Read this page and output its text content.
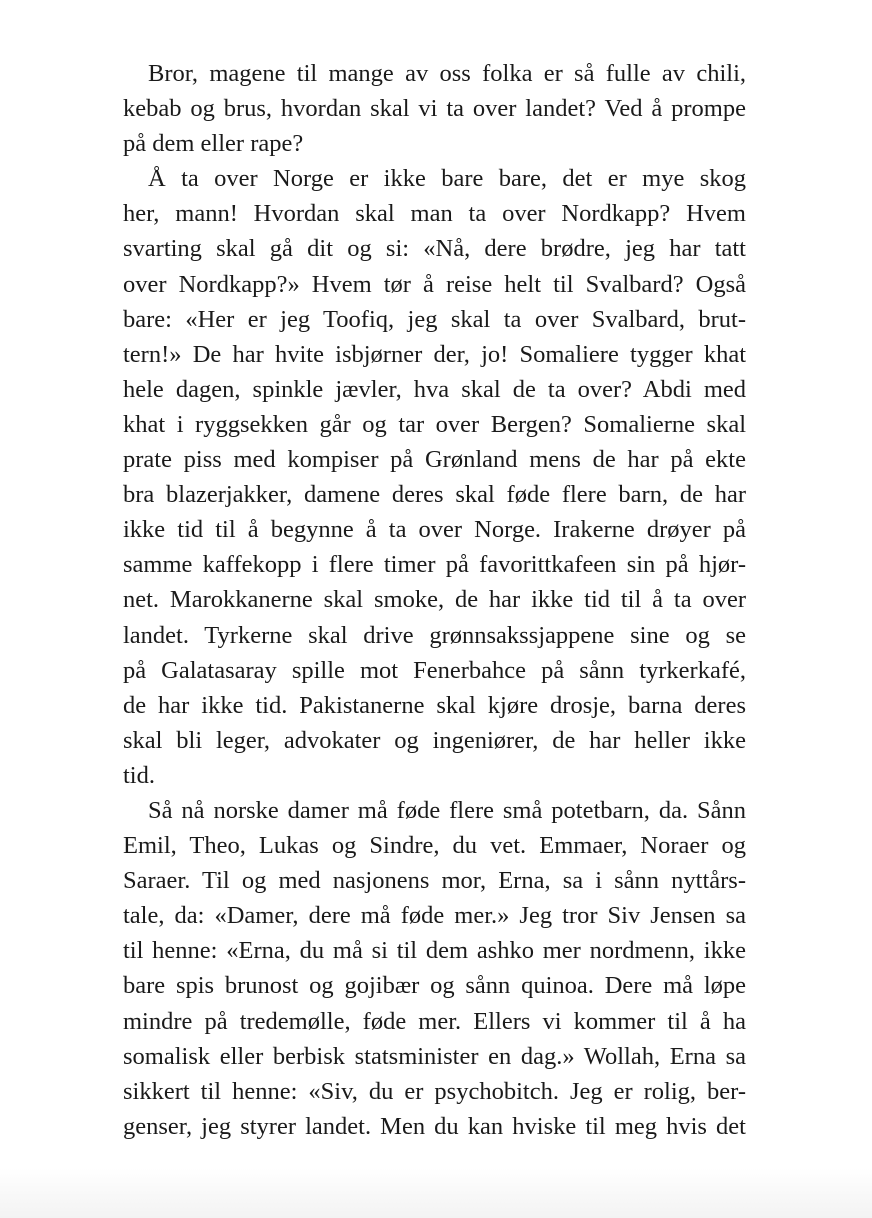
Bror, magene til mange av oss folka er så fulle av chili,
kebab og brus, hvordan skal vi ta over landet? Ved å prompe
på dem eller rape?

Å ta over Norge er ikke bare bare, det er mye skog
her, mann! Hvordan skal man ta over Nordkapp? Hvem
svarting skal gå dit og si: «Nå, dere brødre, jeg har tatt
over Nordkapp?» Hvem tør å reise helt til Svalbard? Også
bare: «Her er jeg Toofiq, jeg skal ta over Svalbard, brut-
tern!» De har hvite isbjørner der, jo! Somaliere tygger khat
hele dagen, spinkle jævler, hva skal de ta over? Abdi med
khat i ryggsekken går og tar over Bergen? Somalierne skal
prate piss med kompiser på Grønland mens de har på ekte
bra blazerjakker, damene deres skal føde flere barn, de har
ikke tid til å begynne å ta over Norge. Irakerne drøyer på
samme kaffekopp i flere timer på favorittkafeen sin på hjør-
net. Marokkanerne skal smoke, de har ikke tid til å ta over
landet. Tyrkerne skal drive grønnsakssjappene sine og se
på Galatasaray spille mot Fenerbahce på sånn tyrkerkafé,
de har ikke tid. Pakistanerne skal kjøre drosje, barna deres
skal bli leger, advokater og ingeniører, de har heller ikke
tid.

Så nå norske damer må føde flere små potetbarn, da. Sånn
Emil, Theo, Lukas og Sindre, du vet. Emmaer, Noraer og
Saraer. Til og med nasjonens mor, Erna, sa i sånn nyttårs-
tale, da: «Damer, dere må føde mer.» Jeg tror Siv Jensen sa
til henne: «Erna, du må si til dem ashko mer nordmenn, ikke
bare spis brunost og gojibær og sånn quinoa. Dere må løpe
mindre på tredemølle, føde mer. Ellers vi kommer til å ha
somalisk eller berbisk statsminister en dag.» Wollah, Erna sa
sikkert til henne: «Siv, du er psychobitch. Jeg er rolig, ber-
genser, jeg styrer landet. Men du kan hviske til meg hvis det
